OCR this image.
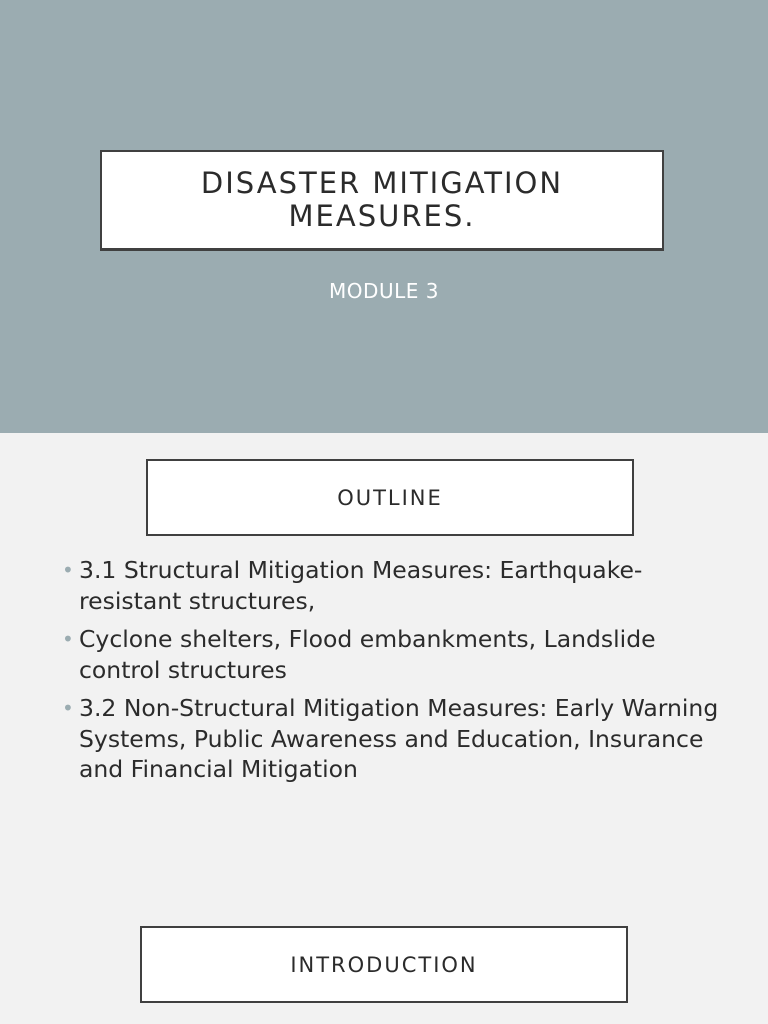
DISASTER MITIGATION MEASURES.
MODULE 3
OUTLINE
• 3.1 Structural Mitigation Measures: Earthquake-resistant structures,
• Cyclone shelters, Flood embankments, Landslide control structures
• 3.2 Non-Structural Mitigation Measures: Early Warning Systems, Public Awareness and Education, Insurance and Financial Mitigation
INTRODUCTION
